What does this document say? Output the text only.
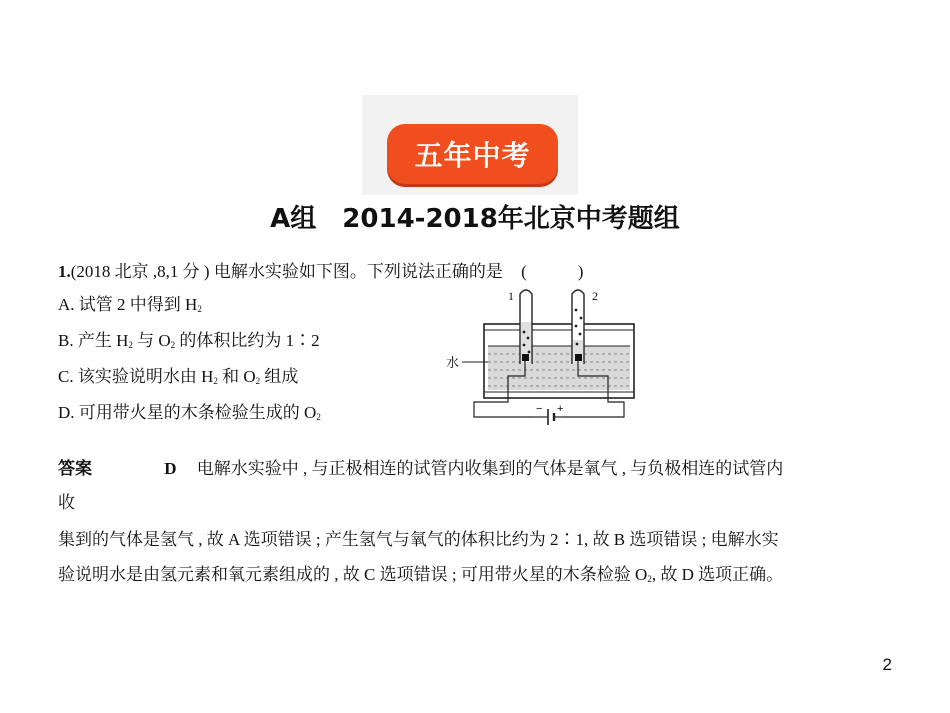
五年中考
A组　2014-2018年北京中考题组
1.(2018 北京 ,8,1 分 ) 电解水实验如下图。下列说法正确的是 (　　　)
A. 试管 2 中得到 $H_2$
B. 产生 $H_2$ 与 $O_2$ 的体积比约为 1∶2
C. 该实验说明水由 $H_2$ 和 $O_2$ 组成
D. 可用带火星的木条检验生成的 $O_2$
1	2
水
− +
答案	D 电解水实验中 , 与正极相连的试管内收集到的气体是氧气 , 与负极相连的试管内
收
集到的气体是氢气 , 故 A 选项错误 ; 产生氢气与氧气的体积比约为 2∶1, 故 B 选项错误 ; 电解水实
验说明水是由氢元素和氧元素组成的 , 故 C 选项错误 ; 可用带火星的木条检验 $O_2$, 故 D 选项正确。
2
